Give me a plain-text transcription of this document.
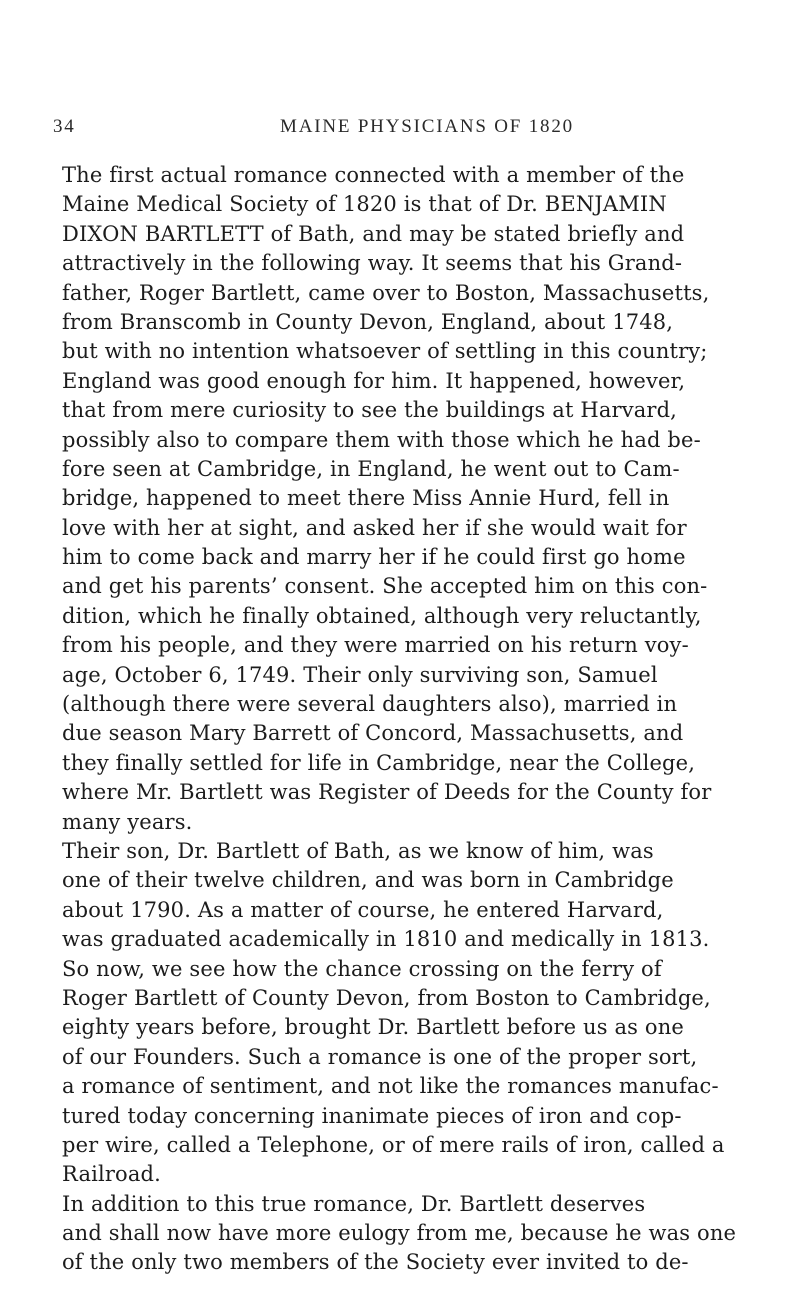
34	MAINE PHYSICIANS OF 1820
The first actual romance connected with a member of the
Maine Medical Society of 1820 is that of Dr. BENJAMIN
DIXON BARTLETT of Bath, and may be stated briefly and
attractively in the following way. It seems that his Grand-
father, Roger Bartlett, came over to Boston, Massachusetts,
from Branscomb in County Devon, England, about 1748,
but with no intention whatsoever of settling in this country;
England was good enough for him. It happened, however,
that from mere curiosity to see the buildings at Harvard,
possibly also to compare them with those which he had be-
fore seen at Cambridge, in England, he went out to Cam-
bridge, happened to meet there Miss Annie Hurd, fell in
love with her at sight, and asked her if she would wait for
him to come back and marry her if he could first go home
and get his parents’ consent. She accepted him on this con-
dition, which he finally obtained, although very reluctantly,
from his people, and they were married on his return voy-
age, October 6, 1749. Their only surviving son, Samuel
(although there were several daughters also), married in
due season Mary Barrett of Concord, Massachusetts, and
they finally settled for life in Cambridge, near the College,
where Mr. Bartlett was Register of Deeds for the County for
many years.
Their son, Dr. Bartlett of Bath, as we know of him, was
one of their twelve children, and was born in Cambridge
about 1790. As a matter of course, he entered Harvard,
was graduated academically in 1810 and medically in 1813.
So now, we see how the chance crossing on the ferry of
Roger Bartlett of County Devon, from Boston to Cambridge,
eighty years before, brought Dr. Bartlett before us as one
of our Founders. Such a romance is one of the proper sort,
a romance of sentiment, and not like the romances manufac-
tured today concerning inanimate pieces of iron and cop-
per wire, called a Telephone, or of mere rails of iron, called a
Railroad.
In addition to this true romance, Dr. Bartlett deserves
and shall now have more eulogy from me, because he was one
of the only two members of the Society ever invited to de-
